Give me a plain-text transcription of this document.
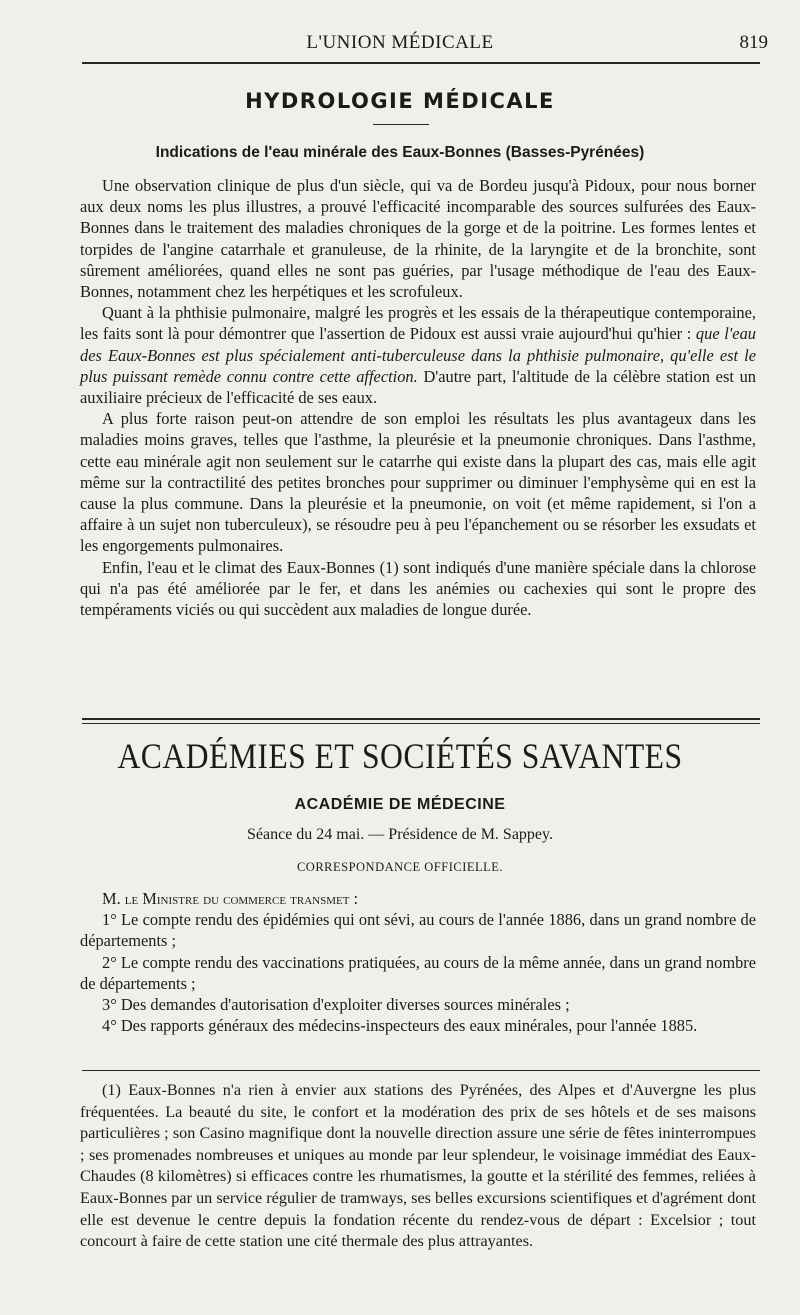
L'UNION MÉDICALE	819
HYDROLOGIE MÉDICALE
Indications de l'eau minérale des Eaux-Bonnes (Basses-Pyrénées)

Une observation clinique de plus d'un siècle, qui va de Bordeu jusqu'à Pidoux, pour nous borner aux deux noms les plus illustres, a prouvé l'efficacité incomparable des sources sulfurées des Eaux-Bonnes dans le traitement des maladies chroniques de la gorge et de la poitrine. Les formes lentes et torpides de l'angine catarrhale et granuleuse, de la rhinite, de la laryngite et de la bronchite, sont sûrement améliorées, quand elles ne sont pas guéries, par l'usage méthodique de l'eau des Eaux-Bonnes, notamment chez les herpétiques et les scrofuleux.

Quant à la phthisie pulmonaire, malgré les progrès et les essais de la thérapeutique contemporaine, les faits sont là pour démontrer que l'assertion de Pidoux est aussi vraie aujourd'hui qu'hier : que l'eau des Eaux-Bonnes est plus spécialement anti-tuberculeuse dans la phthisie pulmonaire, qu'elle est le plus puissant remède connu contre cette affection. D'autre part, l'altitude de la célèbre station est un auxiliaire précieux de l'efficacité de ses eaux.

A plus forte raison peut-on attendre de son emploi les résultats les plus avantageux dans les maladies moins graves, telles que l'asthme, la pleurésie et la pneumonie chroniques. Dans l'asthme, cette eau minérale agit non seulement sur le catarrhe qui existe dans la plupart des cas, mais elle agit même sur la contractilité des petites bronches pour supprimer ou diminuer l'emphysème qui en est la cause la plus commune. Dans la pleurésie et la pneumonie, on voit (et même rapidement, si l'on a affaire à un sujet non tuberculeux), se résoudre peu à peu l'épanchement ou se résorber les exsudats et les engorgements pulmonaires.

Enfin, l'eau et le climat des Eaux-Bonnes (1) sont indiqués d'une manière spéciale dans la chlorose qui n'a pas été améliorée par le fer, et dans les anémies ou cachexies qui sont le propre des tempéraments viciés ou qui succèdent aux maladies de longue durée.

ACADÉMIES ET SOCIÉTÉS SAVANTES
ACADÉMIE DE MÉDECINE
Séance du 24 mai. — Présidence de M. Sappey.
CORRESPONDANCE OFFICIELLE.

M. le Ministre du commerce transmet :

1° Le compte rendu des épidémies qui ont sévi, au cours de l'année 1886, dans un grand nombre de départements ;

2° Le compte rendu des vaccinations pratiquées, au cours de la même année, dans un grand nombre de départements ;

3° Des demandes d'autorisation d'exploiter diverses sources minérales ;

4° Des rapports généraux des médecins-inspecteurs des eaux minérales, pour l'année 1885.

(1) Eaux-Bonnes n'a rien à envier aux stations des Pyrénées, des Alpes et d'Auvergne les plus fréquentées. La beauté du site, le confort et la modération des prix de ses hôtels et de ses maisons particulières ; son Casino magnifique dont la nouvelle direction assure une série de fêtes ininterrompues ; ses promenades nombreuses et uniques au monde par leur splendeur, le voisinage immédiat des Eaux-Chaudes (8 kilomètres) si efficaces contre les rhumatismes, la goutte et la stérilité des femmes, reliées à Eaux-Bonnes par un service régulier de tramways, ses belles excursions scientifiques et d'agrément dont elle est devenue le centre depuis la fondation récente du rendez-vous de départ : Excelsior ; tout concourt à faire de cette station une cité thermale des plus attrayantes.
